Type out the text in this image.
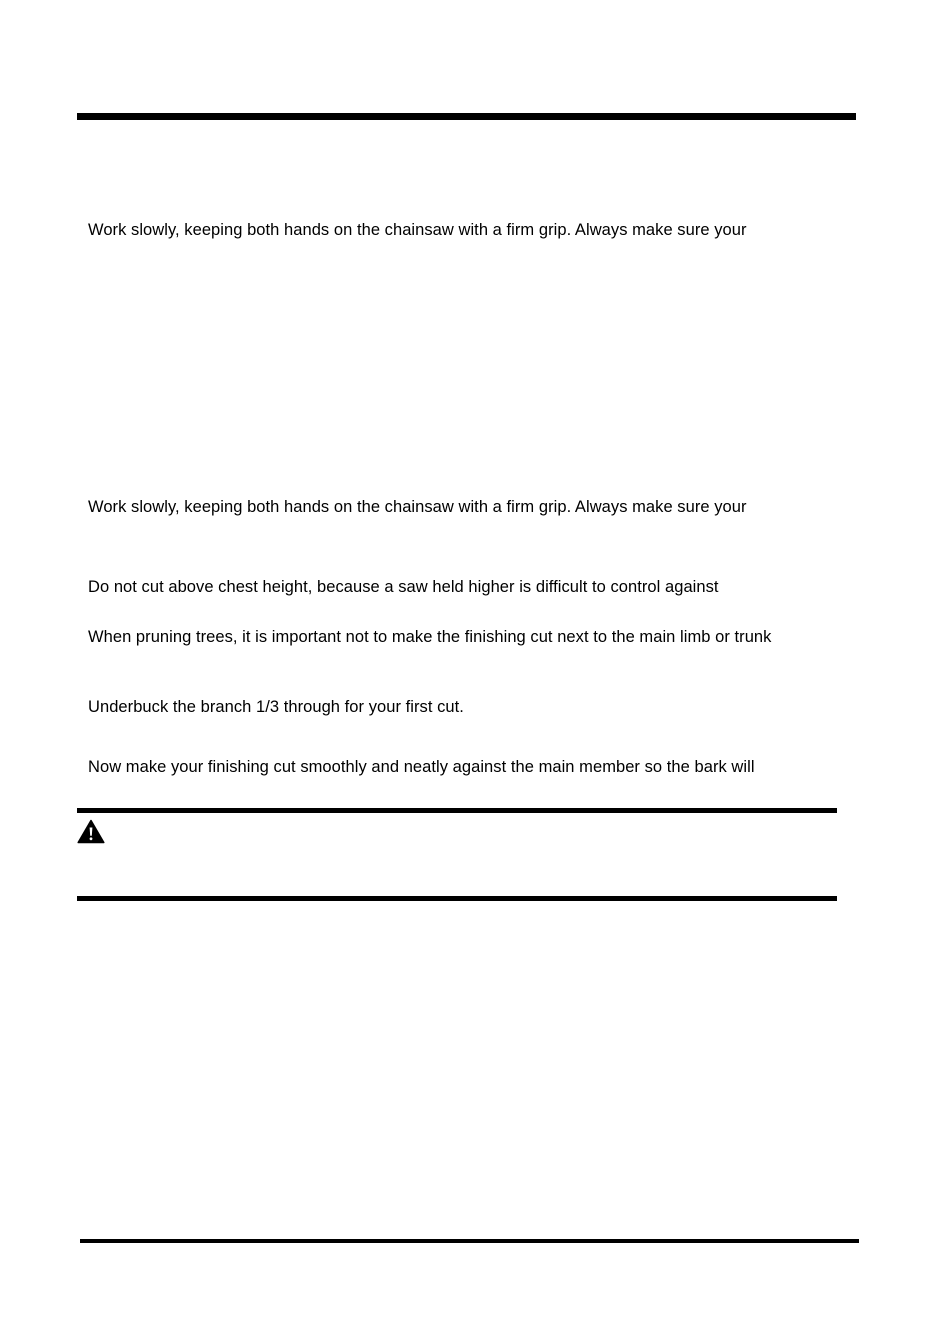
Work slowly, keeping both hands on the chainsaw with a firm grip. Always make sure your

Work slowly, keeping both hands on the chainsaw with a firm grip. Always make sure your

Do not cut above chest height, because a saw held higher is difficult to control against

When pruning trees, it is important not to make the finishing cut next to the main limb or trunk

Underbuck the branch 1/3 through for your first cut.

Now make your finishing cut smoothly and neatly against the main member so the bark will
